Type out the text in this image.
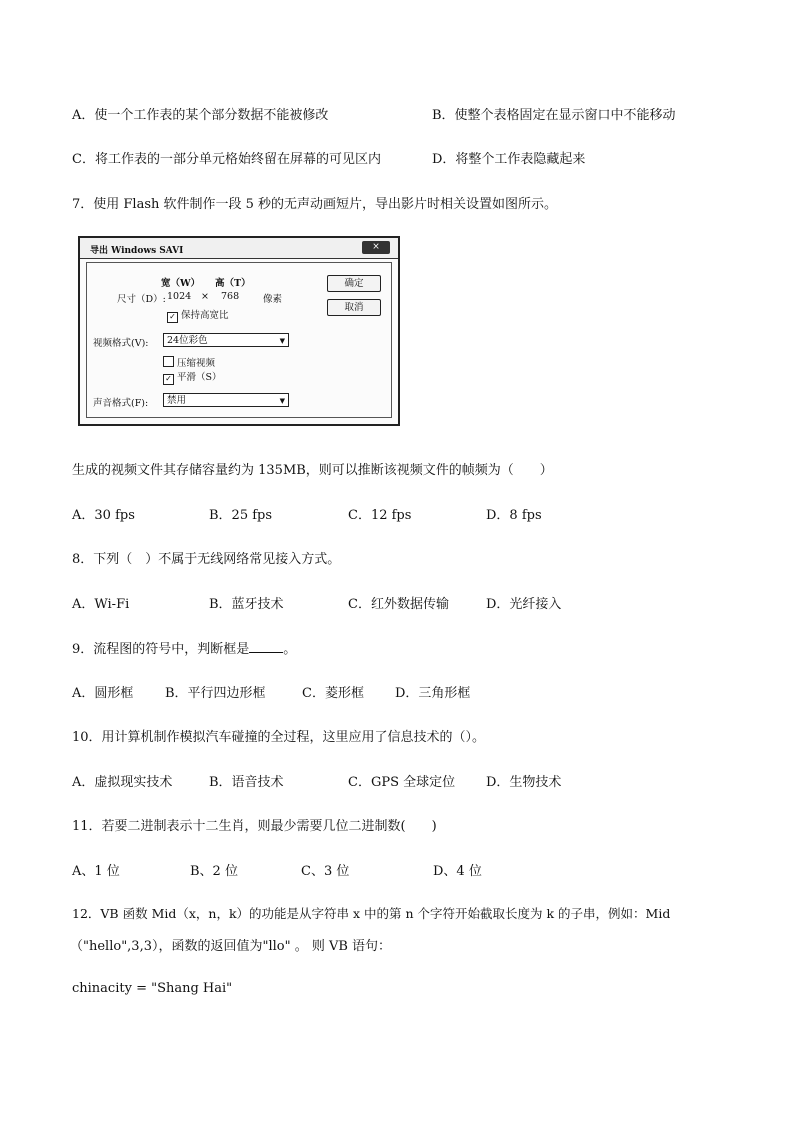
A．使一个工作表的某个部分数据不能被修改	B．使整个表格固定在显示窗口中不能移动
C．将工作表的一部分单元格始终留在屏幕的可见区内	D．将整个工作表隐藏起来
7．使用 Flash 软件制作一段 5 秒的无声动画短片，导出影片时相关设置如图所示。
导出 Windows SAVI	×
宽（W） 高（T）
尺寸（D）: 1024 × 768	像素
✓ 保持高宽比
确定
取消
视频格式(V):	24位彩色	▼
压缩视频
✓ 平滑（S）
声音格式(F):	禁用	▼
生成的视频文件其存储容量约为 135MB，则可以推断该视频文件的帧频为（　　）
A．30 fps	B．25 fps	C．12 fps	D．8 fps
8．下列（　）不属于无线网络常见接入方式。
A．Wi-Fi	B．蓝牙技术	C．红外数据传输	D．光纤接入
9．流程图的符号中，判断框是	。
A．圆形框 B．平行四边形框	C．菱形框 D．三角形框
10．用计算机制作模拟汽车碰撞的全过程，这里应用了信息技术的（）。
A．虚拟现实技术	B．语音技术	C．GPS 全球定位 D．生物技术
11．若要二进制表示十二生肖，则最少需要几位二进制数(　　)
A、1 位	B、2 位	C、3 位	D、4 位
12．VB 函数 Mid（x，n，k）的功能是从字符串 x 中的第 n 个字符开始截取长度为 k 的子串，例如：Mid
（"hello",3,3），函数的返回值为"llo" 。 则 VB 语句：
chinacity = "Shang Hai"
